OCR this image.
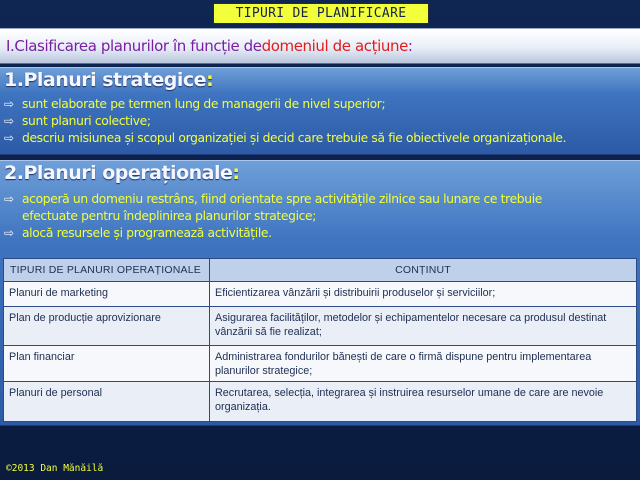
TIPURI DE PLANIFICARE
I.Clasificarea planurilor în funcție de domeniul de acțiune :
1.Planuri strategice:
⇨ sunt elaborate pe termen lung de managerii de nivel superior;
⇨ sunt planuri colective;
⇨ descriu misiunea și scopul organizației și decid care trebuie să fie obiectivele organizaționale.
2.Planuri operaționale:
⇨ acoperă un domeniu restrâns, fiind orientate spre activitățile zilnice sau lunare ce trebuie
efectuate pentru îndeplinirea planurilor strategice;
⇨ alocă resursele și programează activitățile.
TIPURI DE PLANURI OPERAȚIONALE	CONȚINUT
Planuri de marketing	Eficientizarea vânzării și distribuirii produselor și serviciilor;
Plan de producție aprovizionare	Asigurarea facilităților, metodelor și echipamentelor necesare ca produsul destinat vânzării să fie realizat;
Plan financiar	Administrarea fondurilor bănești de care o firmă dispune pentru implementarea planurilor strategice;
Planuri de personal	Recrutarea, selecția, integrarea și instruirea resurselor umane de care are nevoie organizația.
©2013 Dan Mănăilă
